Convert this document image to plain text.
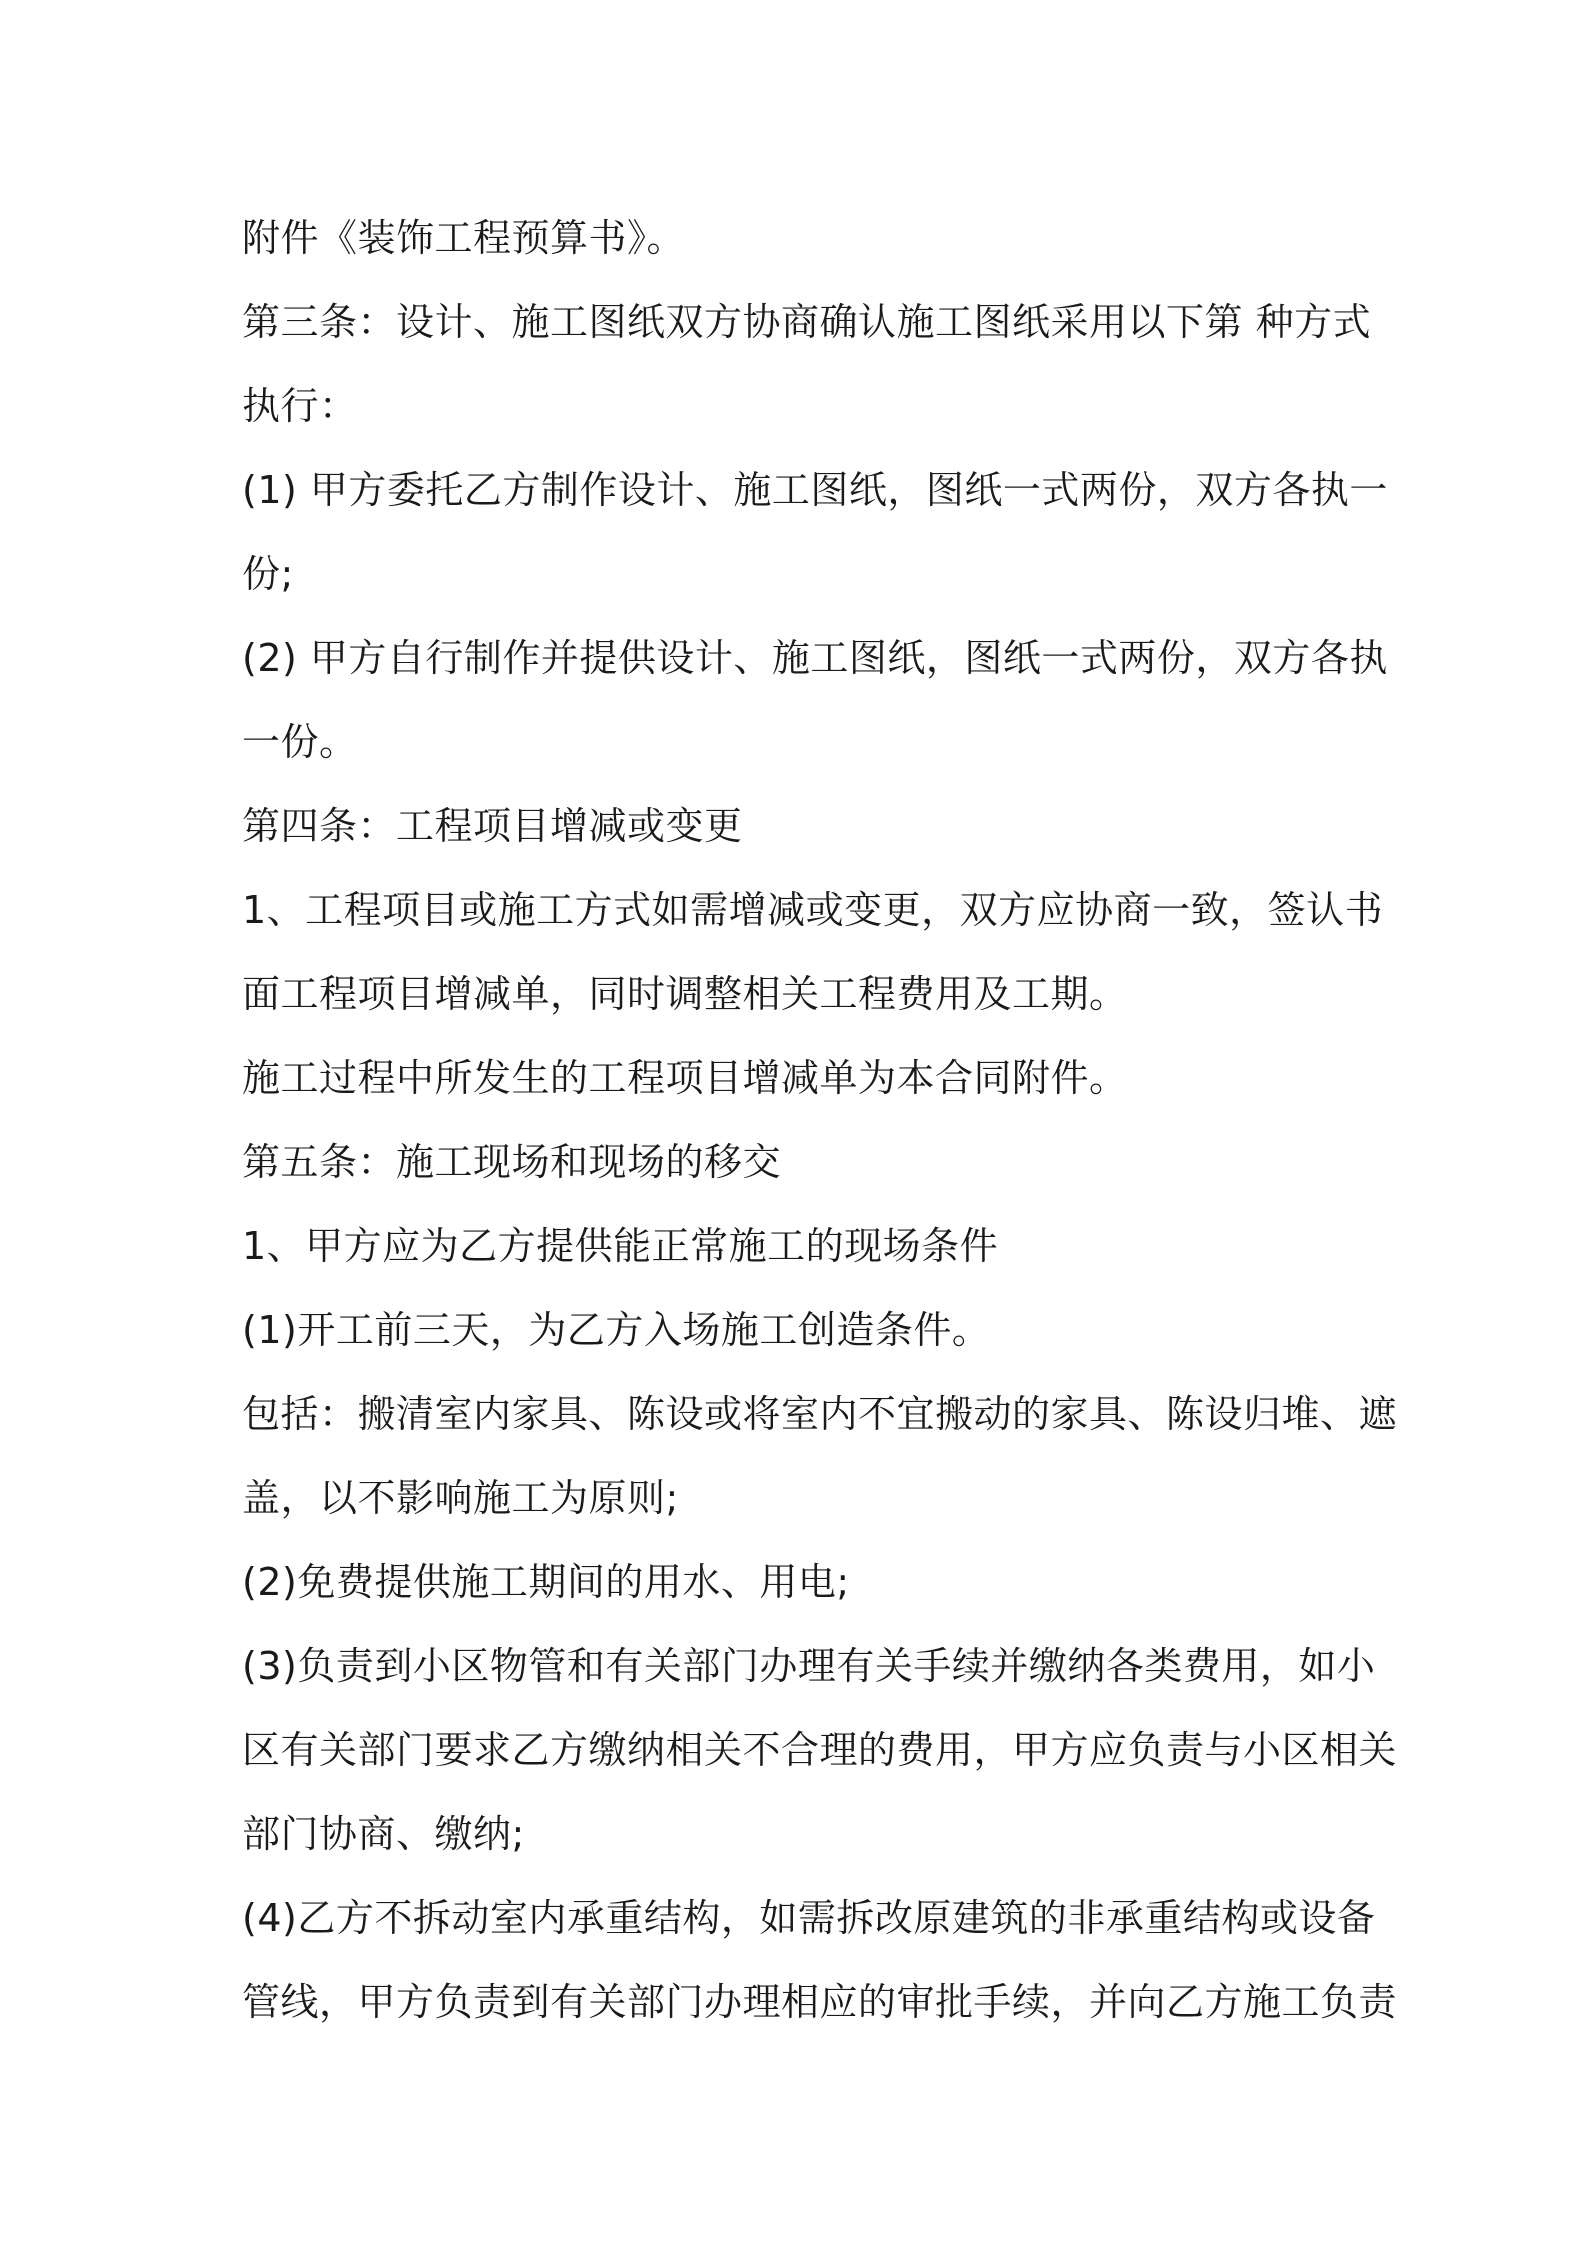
附件《装饰工程预算书》。
第三条：设计、施工图纸双方协商确认施工图纸采用以下第 种方式
执行：
(1) 甲方委托乙方制作设计、施工图纸，图纸一式两份，双方各执一
份;
(2) 甲方自行制作并提供设计、施工图纸，图纸一式两份，双方各执
一份。
第四条：工程项目增减或变更
1、工程项目或施工方式如需增减或变更，双方应协商一致，签认书
面工程项目增减单，同时调整相关工程费用及工期。
施工过程中所发生的工程项目增减单为本合同附件。
第五条：施工现场和现场的移交
1、甲方应为乙方提供能正常施工的现场条件
(1)开工前三天，为乙方入场施工创造条件。
包括：搬清室内家具、陈设或将室内不宜搬动的家具、陈设归堆、遮
盖，以不影响施工为原则;
(2)免费提供施工期间的用水、用电;
(3)负责到小区物管和有关部门办理有关手续并缴纳各类费用，如小
区有关部门要求乙方缴纳相关不合理的费用，甲方应负责与小区相关
部门协商、缴纳;
(4)乙方不拆动室内承重结构，如需拆改原建筑的非承重结构或设备
管线，甲方负责到有关部门办理相应的审批手续，并向乙方施工负责
